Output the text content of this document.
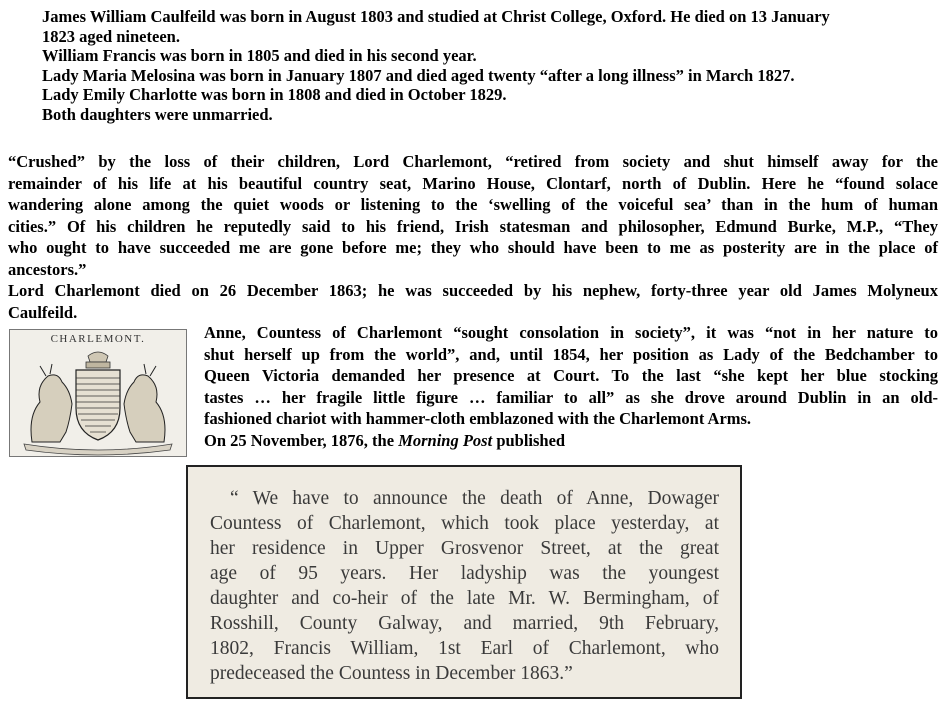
James William Caulfeild was born in August 1803 and studied at Christ College, Oxford. He died on 13 January
1823 aged nineteen.
William Francis was born in 1805 and died in his second year.
Lady Maria Melosina was born in January 1807 and died aged twenty “after a long illness” in March 1827.
Lady Emily Charlotte was born in 1808 and died in October 1829.
Both daughters were unmarried.
“Crushed” by the loss of their children, Lord Charlemont, “retired from society and shut himself away for the
remainder of his life at his beautiful country seat, Marino House, Clontarf, north of Dublin. Here he “found solace
wandering alone among the quiet woods or listening to the ‘swelling of the voiceful sea’ than in the hum of human
cities.” Of his children he reputedly said to his friend, Irish statesman and philosopher, Edmund Burke, M.P., “They
who ought to have succeeded me are gone before me; they who should have been to me as posterity are in the place of
ancestors.”
Lord Charlemont died on 26 December 1863; he was succeeded by his nephew, forty-three year old James Molyneux
Caulfeild.
CHARLEMONT.	Anne, Countess of Charlemont “sought consolation in society”, it was “not in her nature to
shut herself up from the world”, and, until 1854, her position as Lady of the Bedchamber to
Queen Victoria demanded her presence at Court. To the last “she kept her blue stocking
tastes … her fragile little figure … familiar to all” as she drove around Dublin in an old-
fashioned chariot with hammer-cloth emblazoned with the Charlemont Arms.
On 25 November, 1876, the Morning Post published
“ We have to announce the death of Anne, Dowager
Countess of Charlemont, which took place yesterday, at
her residence in Upper Grosvenor Street, at the great
age of 95 years. Her ladyship was the youngest
daughter and co-heir of the late Mr. W. Bermingham, of
Rosshill, County Galway, and married, 9th February,
1802, Francis William, 1st Earl of Charlemont, who
predeceased the Countess in December 1863.”
